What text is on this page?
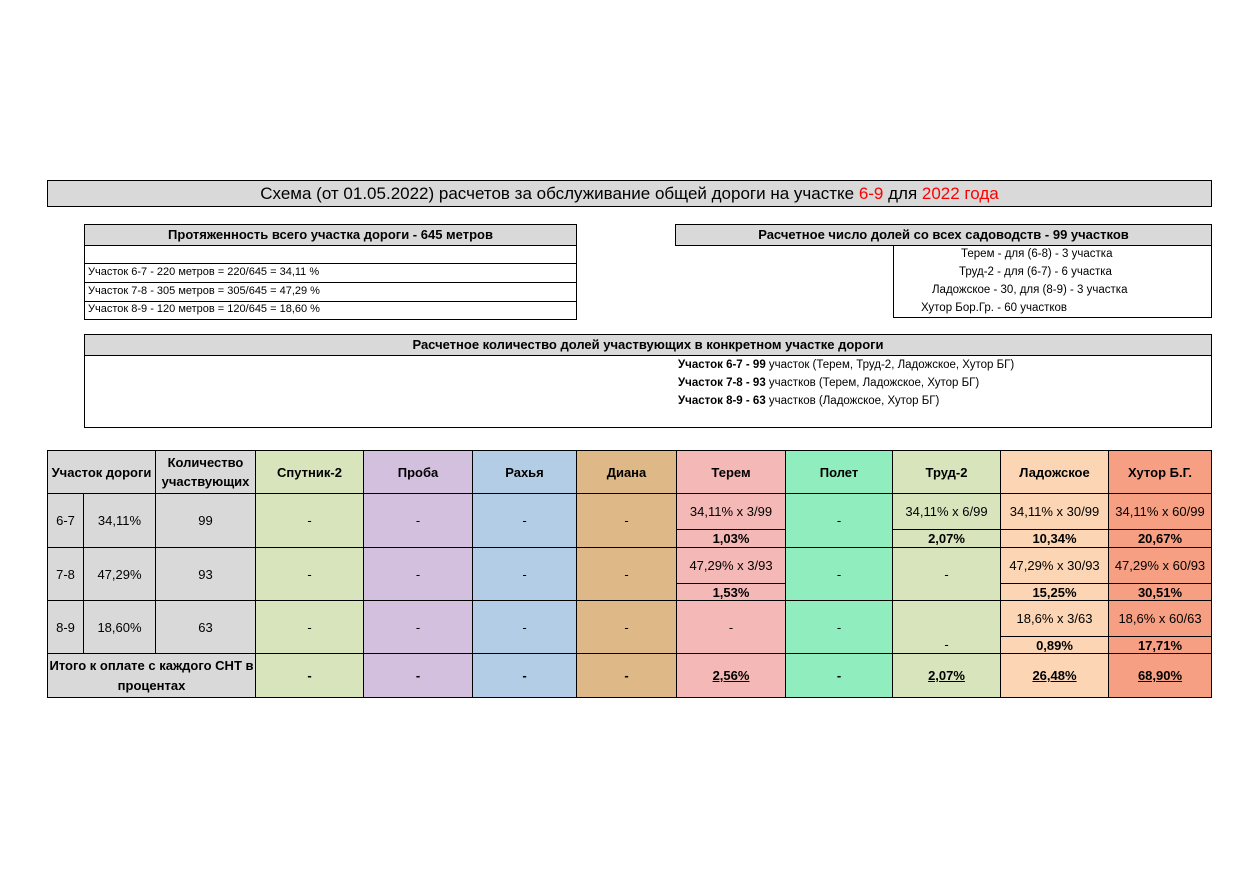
Схема (от 01.05.2022) расчетов за обслуживание общей дороги на участке 6-9 для 2022 года
Протяженность всего участка дороги - 645 метров
Участок 6-7 - 220 метров = 220/645 = 34,11 %
Участок 7-8 - 305 метров = 305/645 = 47,29 %
Участок 8-9 - 120 метров = 120/645 = 18,60 %
Расчетное число долей со всех садоводств - 99 участков
Терем - для (6-8) - 3 участка
Труд-2 - для (6-7) - 6 участка
Ладожское - 30, для (8-9) - 3 участка
Хутор Бор.Гр. - 60 участков
Расчетное количество долей участвующих в конкретном участке дороги
Участок 6-7 - 99 участок (Терем, Труд-2, Ладожское, Хутор БГ)
Участок 7-8 - 93 участков (Терем, Ладожское, Хутор БГ)
Участок 8-9 - 63 участков (Ладожское, Хутор БГ)
Участок дороги		Количество участвующих	Спутник-2	Проба	Рахья	Диана	Терем	Полет	Труд-2	Ладожское	Хутор Б.Г.
6-7	34,11%	99	-	-	-	-	34,11% х 3/99	-	34,11% х 6/99	34,11% х 30/99	34,11% х 60/99
							1,03%		2,07%	10,34%	20,67%
7-8	47,29%	93	-	-	-	-	47,29% х 3/93	-	-	47,29% х 30/93	47,29% х 60/93
							1,53%			15,25%	30,51%
8-9	18,60%	63	-	-	-	-	-	-		18,6% х 3/63	18,6% х 60/63
									-	0,89%	17,71%
Итого к оплате с каждого СНТ в процентах			-	-	-	-	2,56%	-	2,07%	26,48%	68,90%
